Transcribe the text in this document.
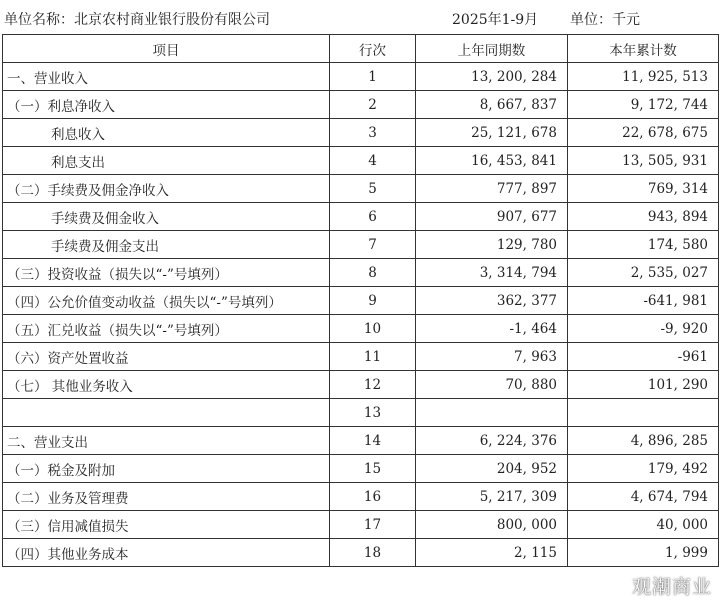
单位名称：北京农村商业银行股份有限公司	2025年1-9月 单位：千元
项目	行次	上年同期数	本年累计数
一、营业收入	1	13, 200, 284	11, 925, 513
（一）利息净收入	2	8, 667, 837	9, 172, 744
利息收入	3	25, 121, 678	22, 678, 675
利息支出	4	16, 453, 841	13, 505, 931
（二）手续费及佣金净收入	5	777, 897	769, 314
手续费及佣金收入	6	907, 677	943, 894
手续费及佣金支出	7	129, 780	174, 580
（三）投资收益（损失以“-”号填列）	8	3, 314, 794	2, 535, 027
（四）公允价值变动收益（损失以“-”号填列）	9	362, 377	-641, 981
（五）汇兑收益（损失以“-”号填列）	10	-1, 464	-9, 920
（六）资产处置收益	11	7, 963	-961
（七） 其他业务收入	12	70, 880	101, 290
	13		
二、营业支出	14	6, 224, 376	4, 896, 285
（一）税金及附加	15	204, 952	179, 492
（二）业务及管理费	16	5, 217, 309	4, 674, 794
（三）信用减值损失	17	800, 000	40, 000
（四）其他业务成本	18	2, 115	1, 999
观潮商业
